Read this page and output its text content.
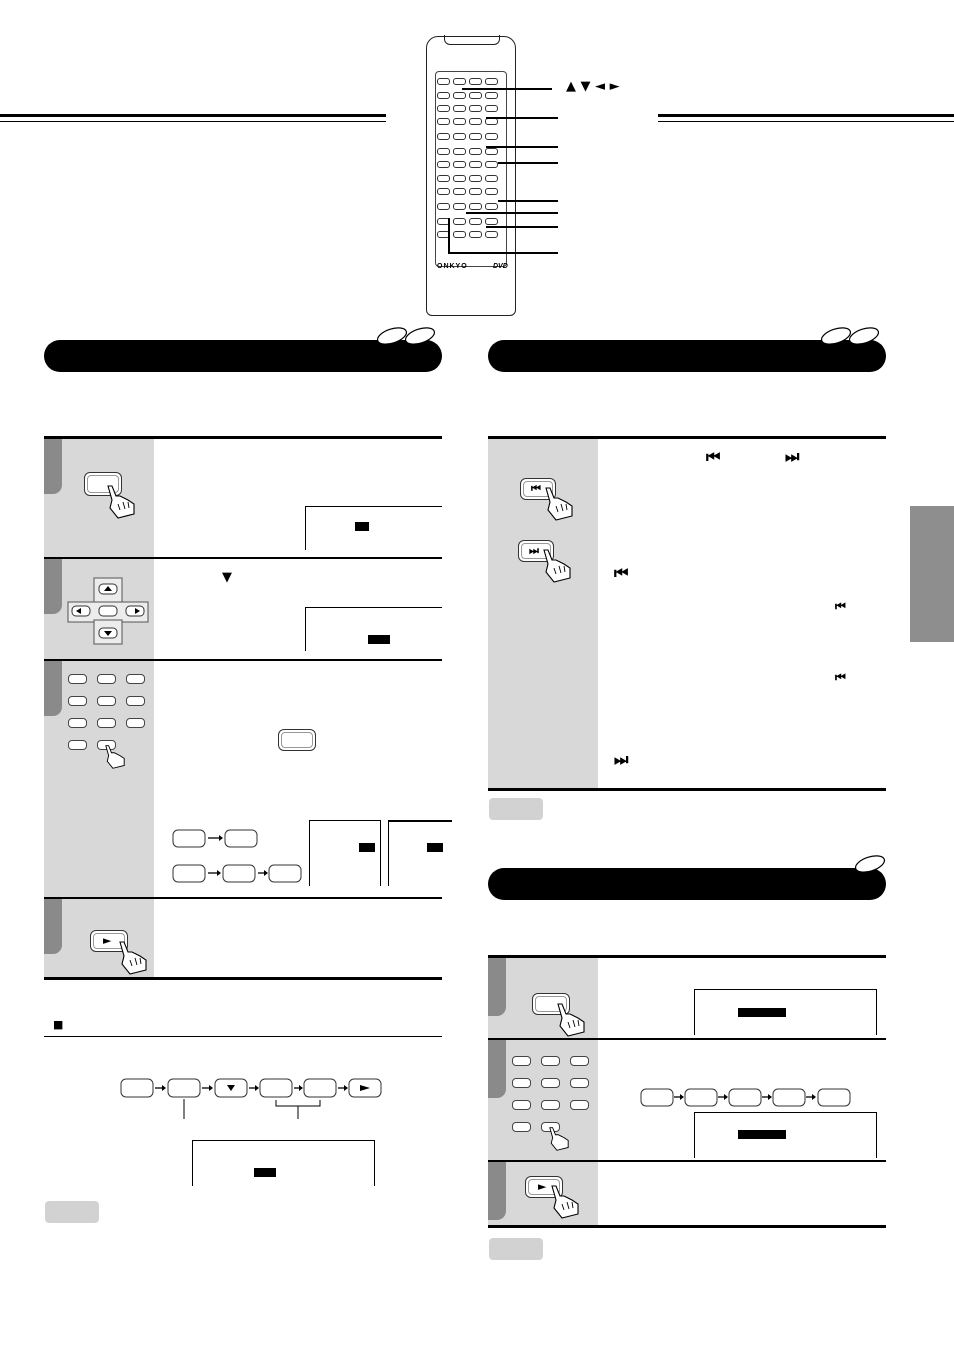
ONKYO	DVD
▲ ▼ ◄ ►
▼
►
■
⏮
⏭
⏮	⏭
⏮
⏮
⏮
⏭
►
